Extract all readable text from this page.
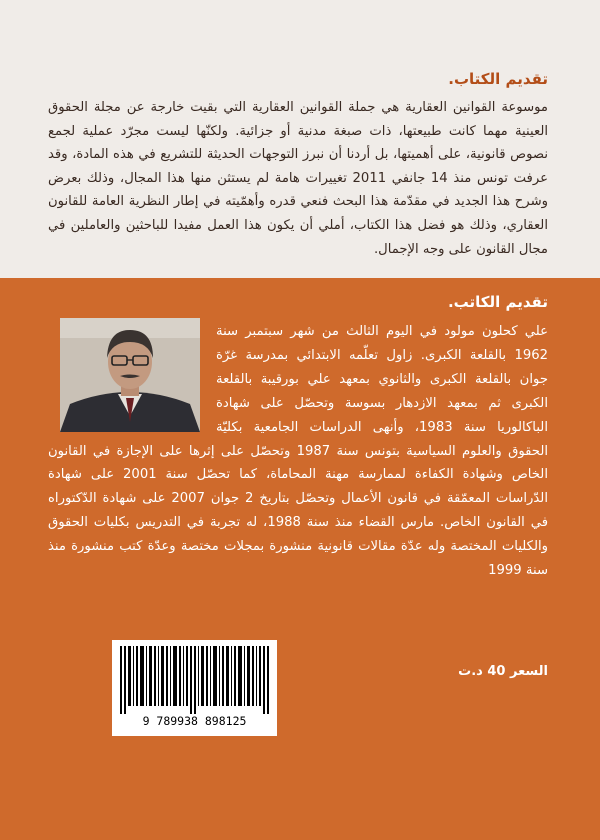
تقديم الكتاب.

موسوعة القوانين العقارية هي جملة القوانين العقارية التي بقيت خارجة عن مجلة الحقوق العينية مهما كانت طبيعتها، ذات صبغة مدنية أو جزائية. ولكنّها ليست مجرّد عملية لجمع نصوص قانونية، على أهميتها، بل أردنا أن نبرز التوجهات الحديثة للتشريع في هذه المادة، وقد عرفت تونس منذ 14 جانفي 2011 تغييرات هامة لم يستثن منها هذا المجال، وذلك بعرض وشرح هذا الجديد في مقدّمة هذا البحث فنعي قدره وأهمّيته في إطار النظرية العامة للقانون العقاري، وذلك هو فضل هذا الكتاب، أملي أن يكون هذا العمل مفيدا للباحثين والعاملين في مجال القانون على وجه الإجمال.

تقديم الكاتب.

علي كحلون مولود في اليوم الثالث من شهر سبتمبر سنة 1962 بالقلعة الكبرى. زاول تعلّمه الابتدائي بمدرسة غرّة جوان بالقلعة الكبرى والثانوي بمعهد علي بورقيبة بالقلعة الكبرى ثم بمعهد الازدهار بسوسة وتحصّل على شهادة الباكالوريا سنة 1983، وأنهى الدراسات الجامعية بكليّة الحقوق والعلوم السياسية بتونس سنة 1987 وتحصّل على إثرها على الإجازة في القانون الخاص وشهادة الكفاءة لممارسة مهنة المحاماة، كما تحصّل سنة 2001 على شهادة الدّراسات المعمّقة في قانون الأعمال وتحصّل بتاريخ 2 جوان 2007 على شهادة الدّكتوراه في القانون الخاص. مارس القضاء منذ سنة 1988، له تجربة في التدريس بكليات الحقوق والكليات المختصة وله عدّة مقالات قانونية منشورة بمجلات مختصة وعدّة كتب منشورة منذ سنة 1999

9 789938 898125
السعر 40 د.ت
